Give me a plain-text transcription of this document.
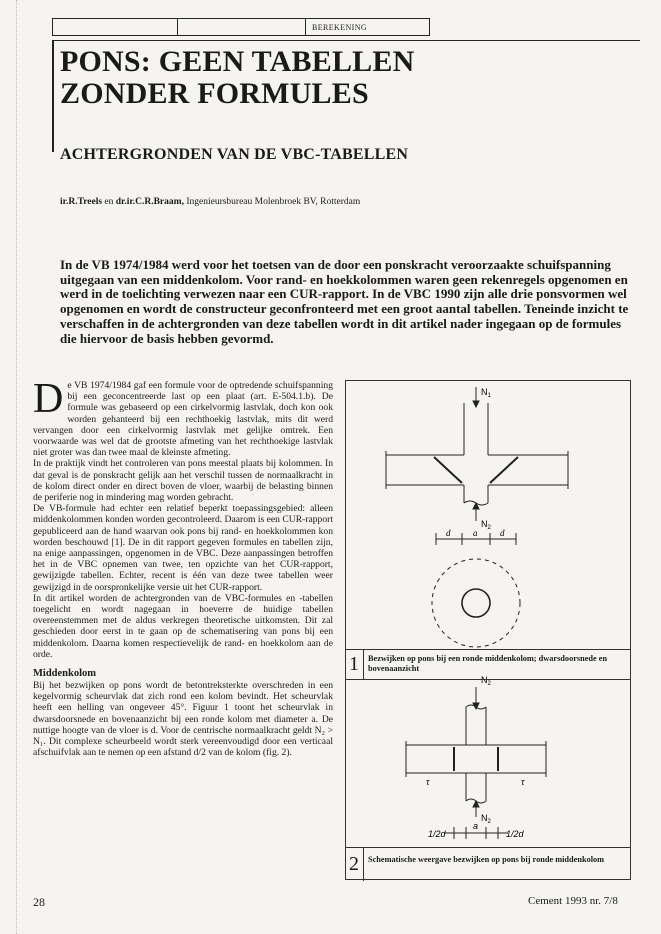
BEREKENING
PONS: GEEN TABELLEN
ZONDER FORMULES
ACHTERGRONDEN VAN DE VBC-TABELLEN
ir.R.Treels en dr.ir.C.R.Braam, Ingenieursbureau Molenbroek BV, Rotterdam

In de VB 1974/1984 werd voor het toetsen van de door een ponskracht veroorzaakte schuifspanning uitgegaan van een middenkolom. Voor rand- en hoekkolommen waren geen rekenregels opgenomen en werd in de toelichting verwezen naar een CUR-rapport. In de VBC 1990 zijn alle drie ponsvormen wel opgenomen en wordt de constructeur geconfronteerd met een groot aantal tabellen. Teneinde inzicht te verschaffen in de achtergronden van deze tabellen wordt in dit artikel nader ingegaan op de formules die hiervoor de basis hebben gevormd.

De VB 1974/1984 gaf een formule voor de optredende schuifspanning bij een geconcentreerde last op een plaat (art. E-504.1.b). De formule was gebaseerd op een cirkelvormig lastvlak, doch kon ook worden gehanteerd bij een rechthoekig lastvlak, mits dit werd vervangen door een cirkelvormig lastvlak met gelijke omtrek. Een voorwaarde was wel dat de grootste afmeting van het rechthoekige lastvlak niet groter was dan twee maal de kleinste afmeting.

In de praktijk vindt het controleren van pons meestal plaats bij kolommen. In dat geval is de ponskracht gelijk aan het verschil tussen de normaalkracht in de kolom direct onder en direct boven de vloer, waarbij de belasting binnen de periferie nog in mindering mag worden gebracht.

De VB-formule had echter een relatief beperkt toepassingsgebied: alleen middenkolommen konden worden gecontroleerd. Daarom is een CUR-rapport gepubliceerd aan de hand waarvan ook pons bij rand- en hoekkolommen kon worden beschouwd [1]. De in dit rapport gegeven formules en tabellen zijn, na enige aanpassingen, opgenomen in de VBC. Deze aanpassingen betroffen het in de VBC opnemen van twee, ten opzichte van het CUR-rapport, gewijzigde tabellen. Echter, recent is één van deze twee tabellen weer gewijzigd in de oorspronkelijke versie uit het CUR-rapport.

In dit artikel worden de achtergronden van de VBC-formules en -tabellen toegelicht en wordt nagegaan in hoeverre de huidige tabellen overeenstemmen met de aldus verkregen theoretische uitkomsten. Dit zal geschieden door eerst in te gaan op de schematisering van pons bij een middenkolom. Daarna komen respectievelijk de rand- en hoekkolom aan de orde.

Middenkolom

Bij het bezwijken op pons wordt de betontreksterkte overschreden in een kegelvormig scheurvlak dat zich rond een kolom bevindt. Het scheurvlak heeft een helling van ongeveer 45°. Figuur 1 toont het scheurvlak in dwarsdoorsnede en bovenaanzicht bij een ronde kolom met diameter a. De nuttige hoogte van de vloer is d. Voor de centrische normaalkracht geldt N₂ > N₁. Dit complexe scheurbeeld wordt sterk vereenvoudigd door een verticaal afschuifvlak aan te nemen op een afstand d/2 van de kolom (fig. 2).

$N_1$
$N_2$
d	a	d
$N_2$
$N_2$
τ	τ
1/2d
a
1/2d
1 Bezwijken op pons bij een ronde middenkolom; dwarsdoorsnede en bovenaanzicht
2 Schematische weergave bezwijken op pons bij ronde middenkolom
28	Cement 1993 nr. 7/8
